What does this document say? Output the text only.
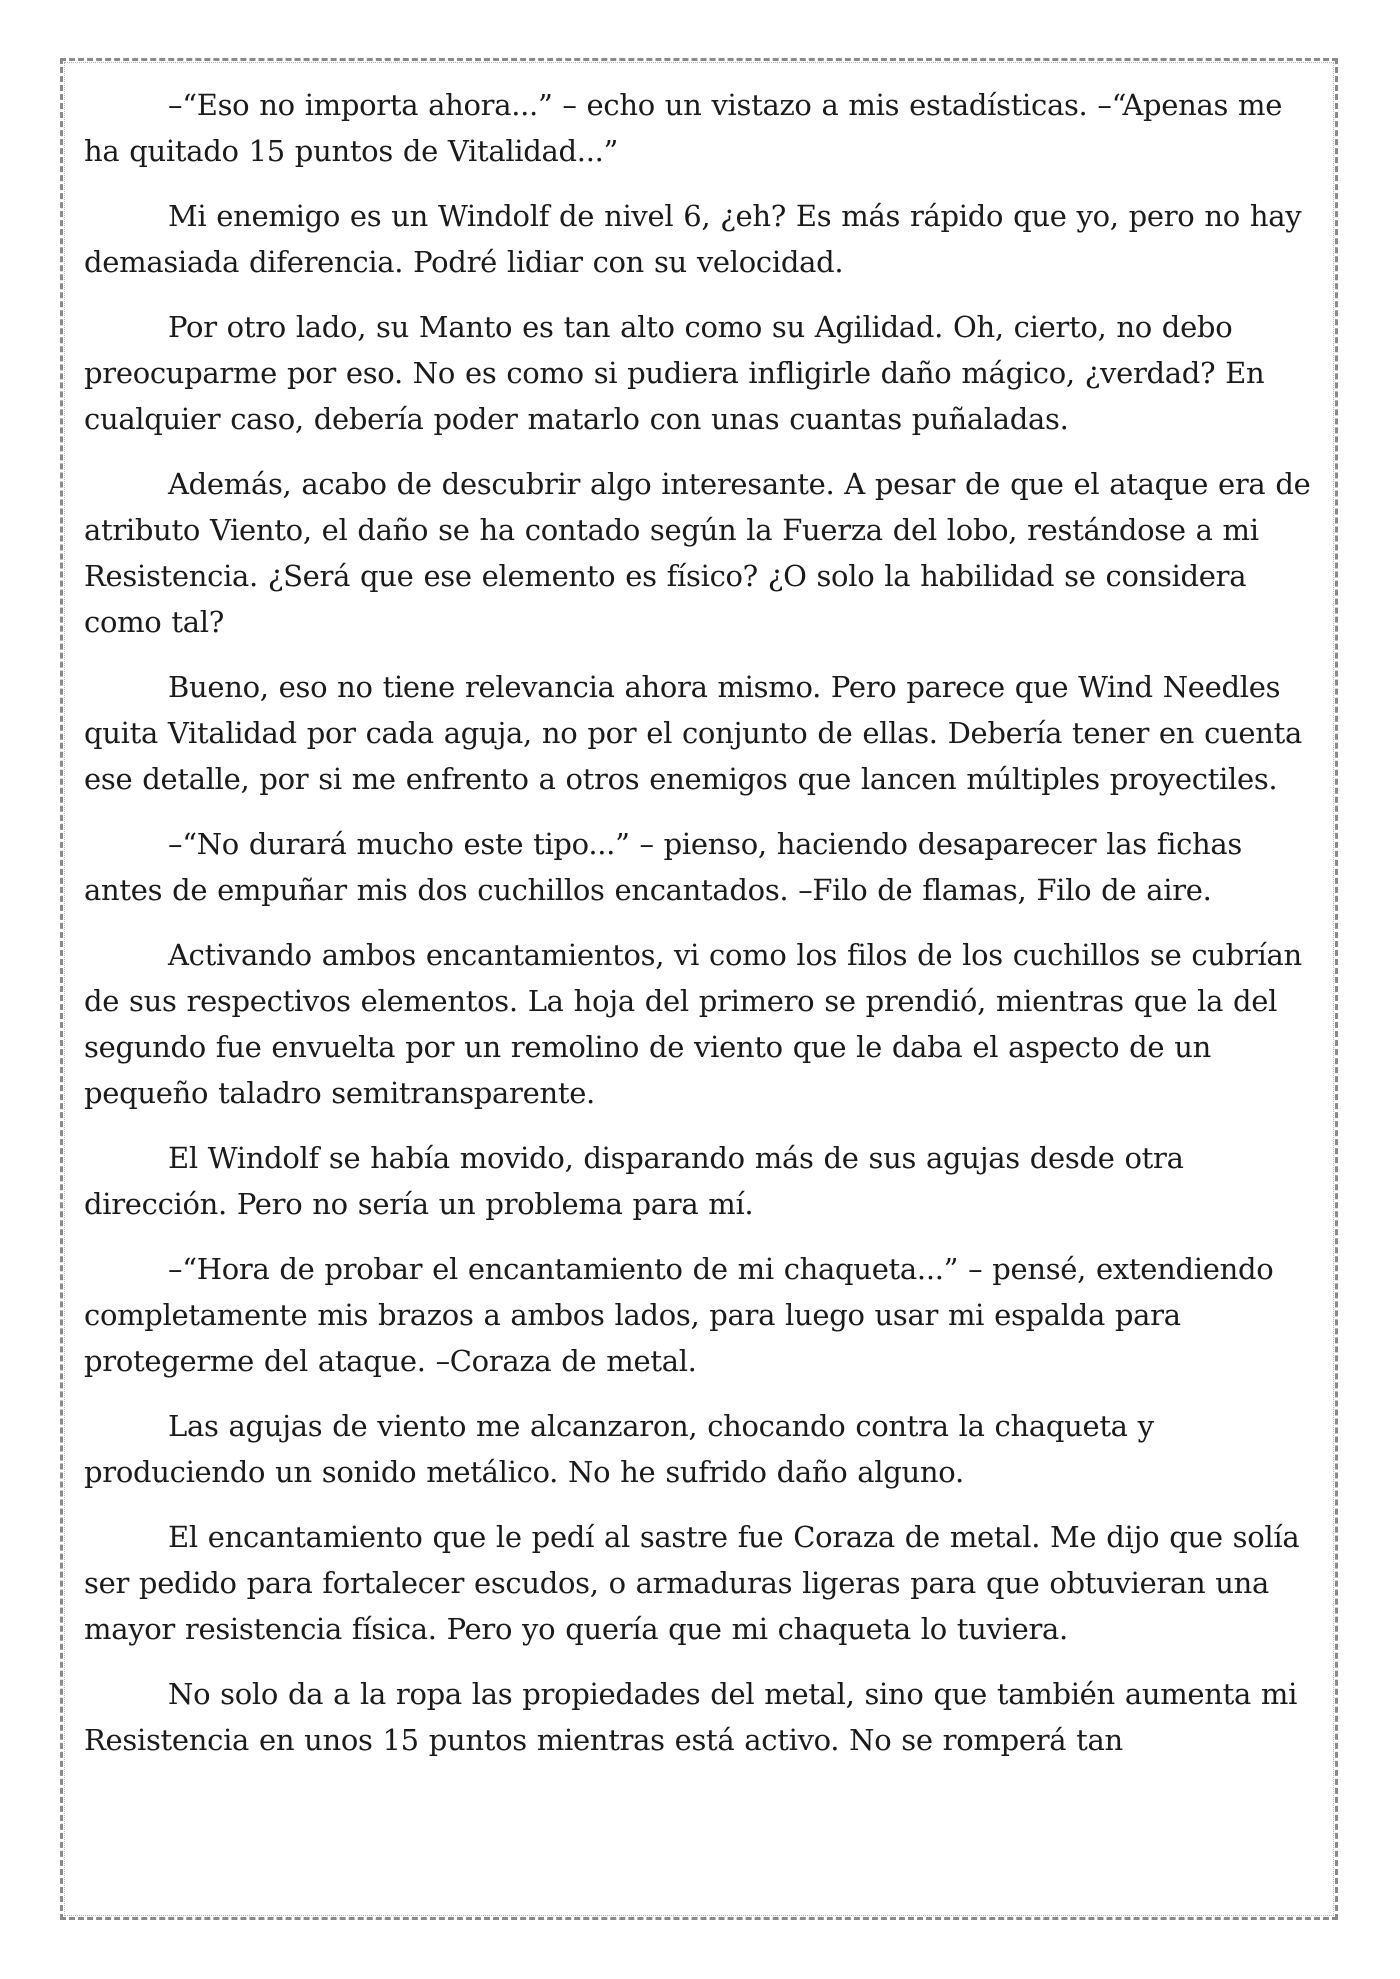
–“Eso no importa ahora...” – echo un vistazo a mis estadísticas. –“Apenas me ha quitado 15 puntos de Vitalidad...”

Mi enemigo es un Windolf de nivel 6, ¿eh? Es más rápido que yo, pero no hay demasiada diferencia. Podré lidiar con su velocidad.

Por otro lado, su Manto es tan alto como su Agilidad. Oh, cierto, no debo preocuparme por eso. No es como si pudiera infligirle daño mágico, ¿verdad? En cualquier caso, debería poder matarlo con unas cuantas puñaladas.

Además, acabo de descubrir algo interesante. A pesar de que el ataque era de atributo Viento, el daño se ha contado según la Fuerza del lobo, restándose a mi Resistencia. ¿Será que ese elemento es físico? ¿O solo la habilidad se considera como tal?

Bueno, eso no tiene relevancia ahora mismo. Pero parece que Wind Needles quita Vitalidad por cada aguja, no por el conjunto de ellas. Debería tener en cuenta ese detalle, por si me enfrento a otros enemigos que lancen múltiples proyectiles.

–“No durará mucho este tipo...” – pienso, haciendo desaparecer las fichas antes de empuñar mis dos cuchillos encantados. –Filo de flamas, Filo de aire.

Activando ambos encantamientos, vi como los filos de los cuchillos se cubrían de sus respectivos elementos. La hoja del primero se prendió, mientras que la del segundo fue envuelta por un remolino de viento que le daba el aspecto de un pequeño taladro semitransparente.

El Windolf se había movido, disparando más de sus agujas desde otra dirección. Pero no sería un problema para mí.

–“Hora de probar el encantamiento de mi chaqueta...” – pensé, extendiendo completamente mis brazos a ambos lados, para luego usar mi espalda para protegerme del ataque. –Coraza de metal.

Las agujas de viento me alcanzaron, chocando contra la chaqueta y produciendo un sonido metálico. No he sufrido daño alguno.

El encantamiento que le pedí al sastre fue Coraza de metal. Me dijo que solía ser pedido para fortalecer escudos, o armaduras ligeras para que obtuvieran una mayor resistencia física. Pero yo quería que mi chaqueta lo tuviera.

No solo da a la ropa las propiedades del metal, sino que también aumenta mi Resistencia en unos 15 puntos mientras está activo. No se romperá tan
